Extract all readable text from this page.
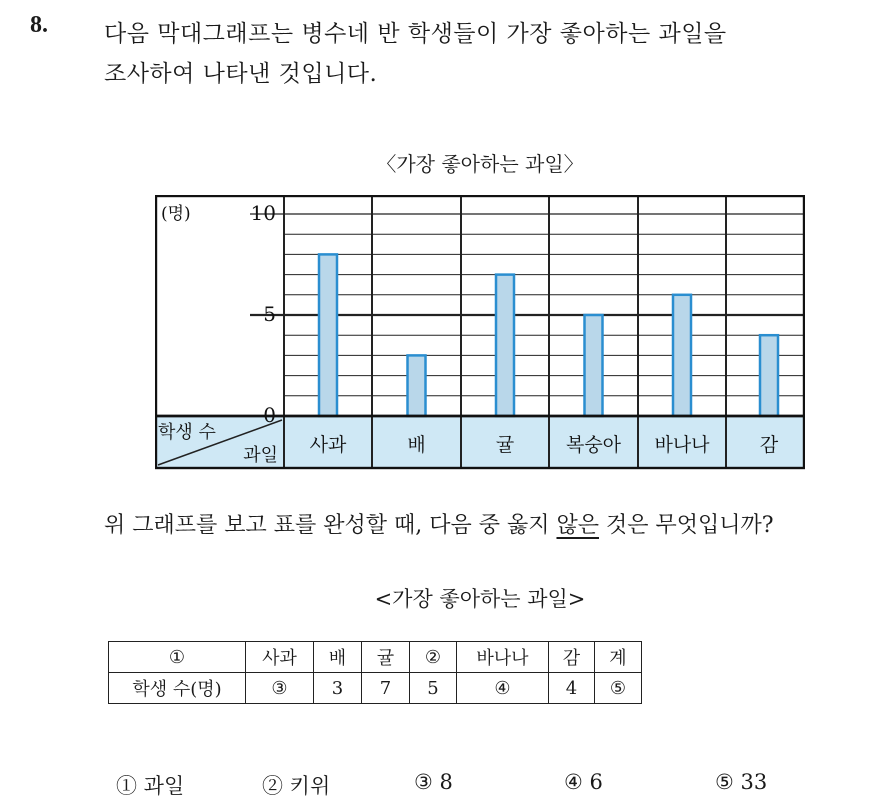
8. 다음 막대그래프는 병수네 반 학생들이 가장 좋아하는 과일을
조사하여 나타낸 것입니다.
〈가장 좋아하는 과일〉
사과	배	귤	복숭아 바나나	감
10
5
0
(명)
학생 수
과일
위 그래프를 보고 표를 완성할 때, 다음 중 옳지 않은 것은 무엇입니까?
<가장 좋아하는 과일>
①	사과	배	귤	②	바나나	감	계
학생 수(명)	③	3	7	5	④	4	⑤
① 과일	② 키위	③ 8	④ 6	⑤ 33
